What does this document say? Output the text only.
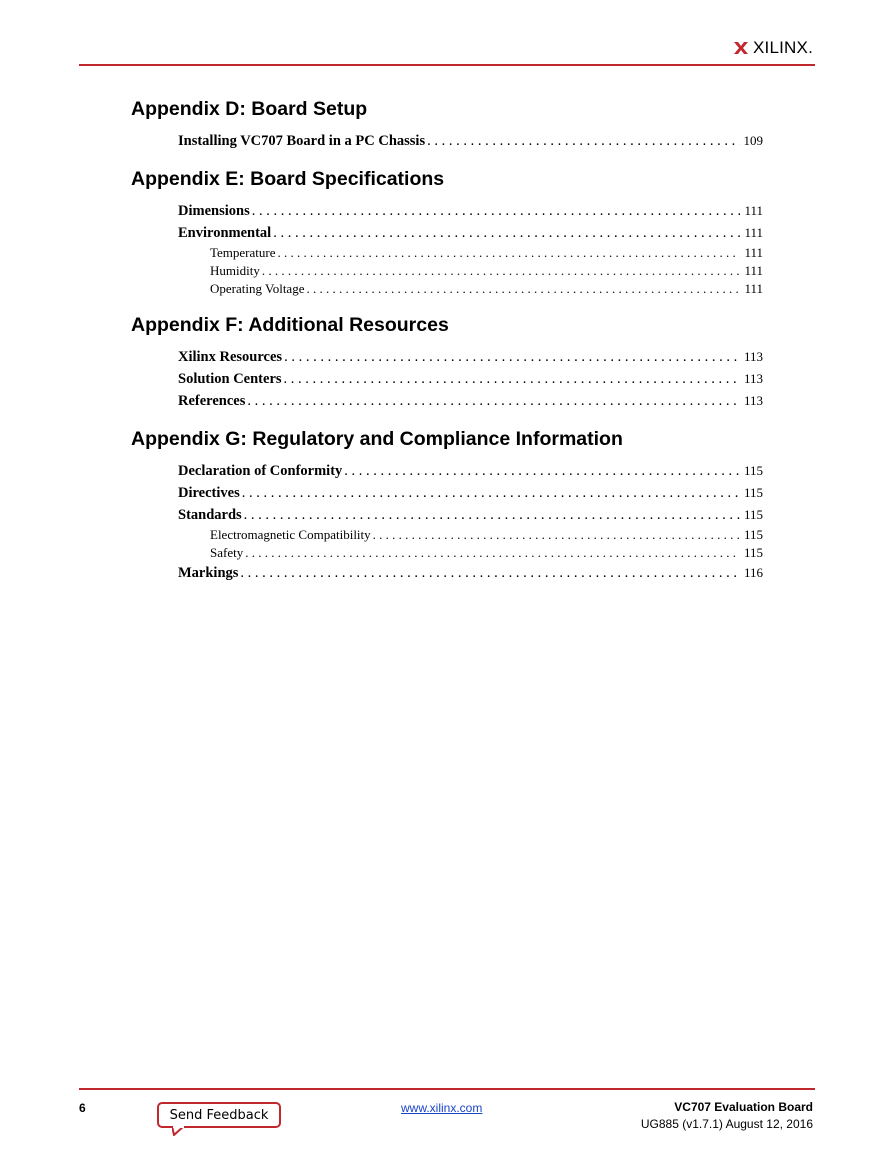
XILINX.
Appendix D: Board Setup
Installing VC707 Board in a PC Chassis . . .	109
Appendix E: Board Specifications
Dimensions . . .	111
Environmental . . .	111
Temperature . . .	111
Humidity . . .	111
Operating Voltage . . .	111
Appendix F: Additional Resources
Xilinx Resources . . .	113
Solution Centers . . .	113
References . . .	113
Appendix G: Regulatory and Compliance Information
Declaration of Conformity . . .	115
Directives . . .	115
Standards . . .	115
Electromagnetic Compatibility . . .	115
Safety . . .	115
Markings . . .	116
6	Send Feedback	www.xilinx.com	VC707 Evaluation Board
UG885 (v1.7.1) August 12, 2016
